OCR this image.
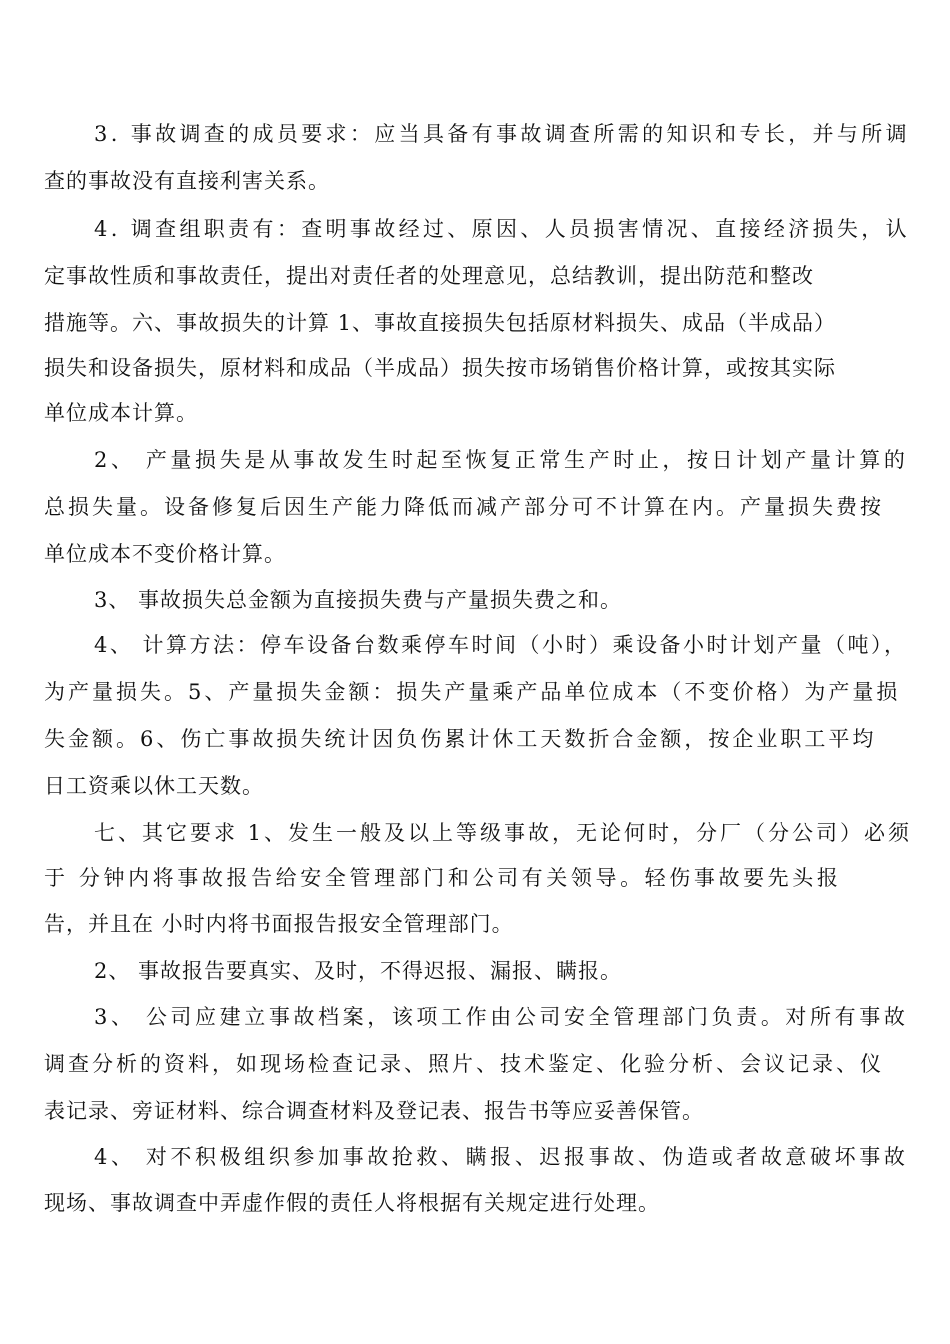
3. 事故调查的成员要求：应当具备有事故调查所需的知识和专长，并与所调
查的事故没有直接利害关系。
4. 调查组职责有：查明事故经过、原因、人员损害情况、直接经济损失，认
定事故性质和事故责任，提出对责任者的处理意见，总结教训，提出防范和整改
措施等。六、事故损失的计算 1、事故直接损失包括原材料损失、成品（半成品）
损失和设备损失，原材料和成品（半成品）损失按市场销售价格计算，或按其实际
单位成本计算。
2、 产量损失是从事故发生时起至恢复正常生产时止，按日计划产量计算的
总损失量。设备修复后因生产能力降低而减产部分可不计算在内。产量损失费按
单位成本不变价格计算。
3、 事故损失总金额为直接损失费与产量损失费之和。
4、 计算方法：停车设备台数乘停车时间（小时）乘设备小时计划产量（吨），
为产量损失。5、产量损失金额：损失产量乘产品单位成本（不变价格）为产量损
失金额。6、伤亡事故损失统计因负伤累计休工天数折合金额，按企业职工平均
日工资乘以休工天数。
七、其它要求 1、发生一般及以上等级事故，无论何时，分厂（分公司）必须
于 分钟内将事故报告给安全管理部门和公司有关领导。轻伤事故要先头报
告，并且在 小时内将书面报告报安全管理部门。
2、 事故报告要真实、及时，不得迟报、漏报、瞒报。
3、 公司应建立事故档案，该项工作由公司安全管理部门负责。对所有事故
调查分析的资料，如现场检查记录、照片、技术鉴定、化验分析、会议记录、仪
表记录、旁证材料、综合调查材料及登记表、报告书等应妥善保管。
4、 对不积极组织参加事故抢救、瞒报、迟报事故、伪造或者故意破坏事故
现场、事故调查中弄虚作假的责任人将根据有关规定进行处理。
